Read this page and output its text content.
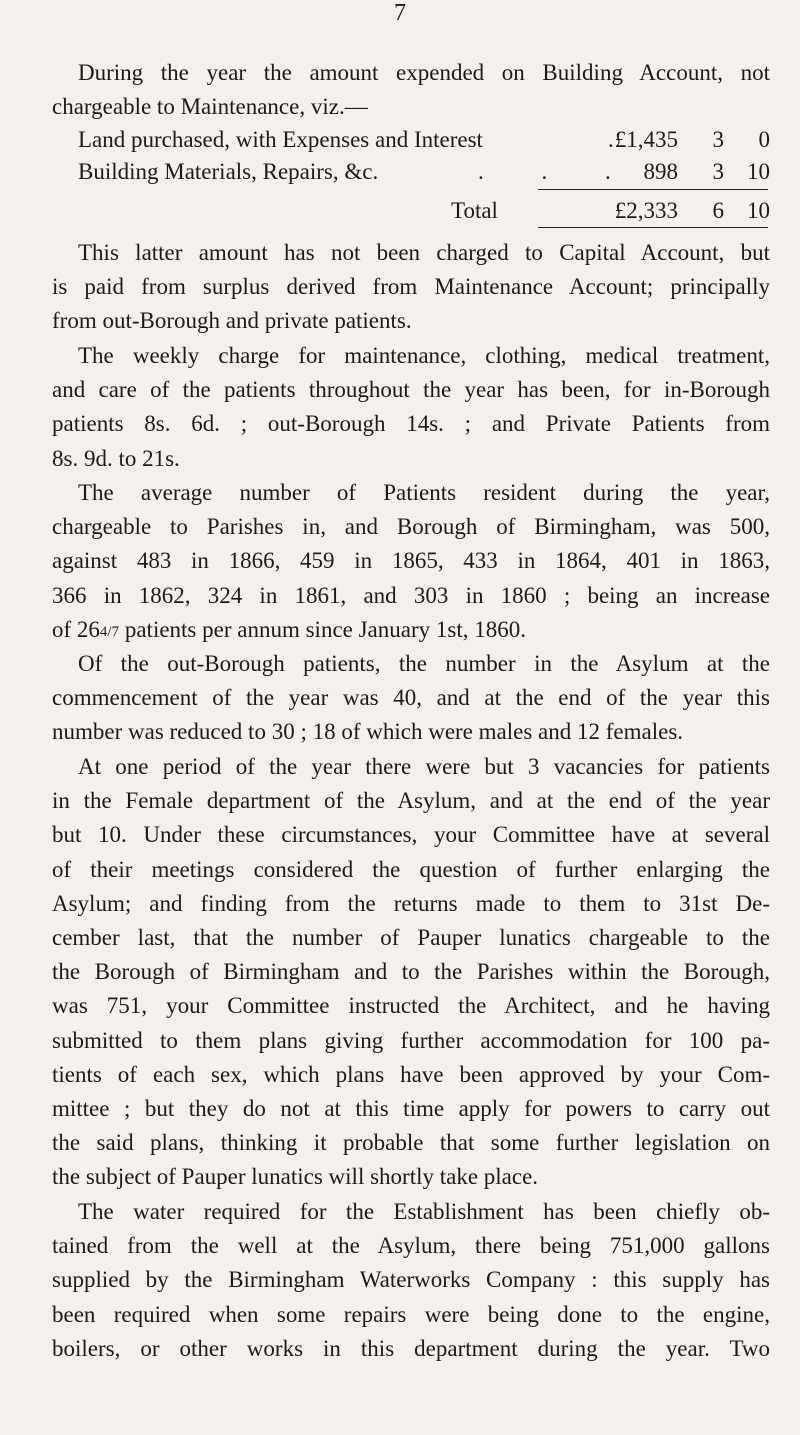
7
During the year the amount expended on Building Account, not
chargeable to Maintenance, viz.—
Land purchased, with Expenses and Interest	. £1,435	3	0
Building Materials, Repairs, &c.	. . . 898	3	10
Total	£2,333	6	10
This latter amount has not been charged to Capital Account, but
is paid from surplus derived from Maintenance Account; principally
from out-Borough and private patients.
The weekly charge for maintenance, clothing, medical treatment,
and care of the patients throughout the year has been, for in-Borough
patients 8s. 6d. ; out-Borough 14s. ; and Private Patients from
8s. 9d. to 21s.
The average number of Patients resident during the year,
chargeable to Parishes in, and Borough of Birmingham, was 500,
against 483 in 1866, 459 in 1865, 433 in 1864, 401 in 1863,
366 in 1862, 324 in 1861, and 303 in 1860 ; being an increase
of 264/7 patients per annum since January 1st, 1860.
Of the out-Borough patients, the number in the Asylum at the
commencement of the year was 40, and at the end of the year this
number was reduced to 30 ; 18 of which were males and 12 females.
At one period of the year there were but 3 vacancies for patients
in the Female department of the Asylum, and at the end of the year
but 10. Under these circumstances, your Committee have at several
of their meetings considered the question of further enlarging the
Asylum; and finding from the returns made to them to 31st De-
cember last, that the number of Pauper lunatics chargeable to the
the Borough of Birmingham and to the Parishes within the Borough,
was 751, your Committee instructed the Architect, and he having
submitted to them plans giving further accommodation for 100 pa-
tients of each sex, which plans have been approved by your Com-
mittee ; but they do not at this time apply for powers to carry out
the said plans, thinking it probable that some further legislation on
the subject of Pauper lunatics will shortly take place.
The water required for the Establishment has been chiefly ob-
tained from the well at the Asylum, there being 751,000 gallons
supplied by the Birmingham Waterworks Company : this supply has
been required when some repairs were being done to the engine,
boilers, or other works in this department during the year. Two
